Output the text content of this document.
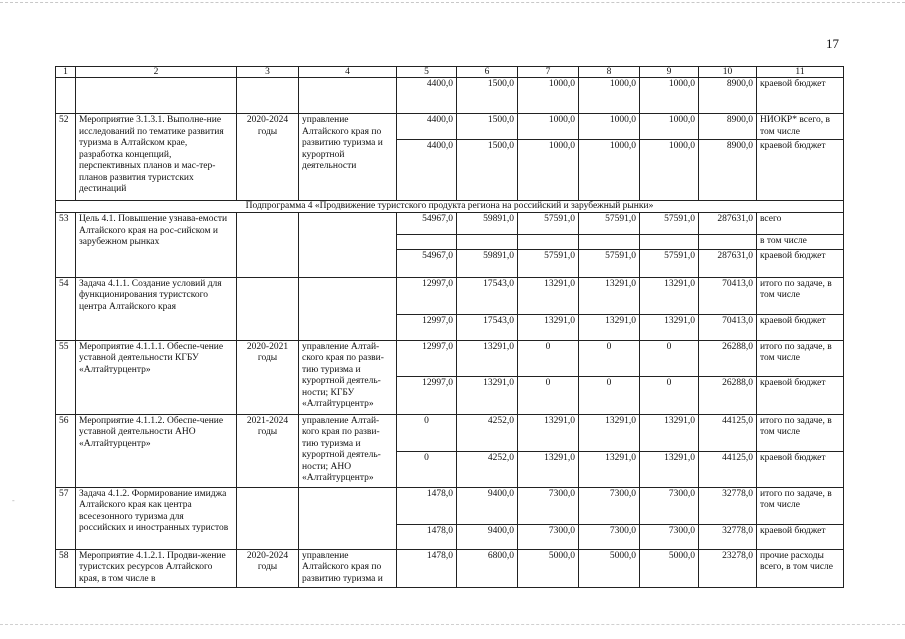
17
-
1	2	3	4	5	6	7	8	9	10	11
				4400,0	1500,0	1000,0	1000,0	1000,0	8900,0	краевой бюджет
52	Мероприятие 3.1.3.1. Выполне-ние исследований по тематике развития туризма в Алтайском крае, разработка концепций, перспективных планов и мас-тер-планов развития туристских дестинаций	2020-2024 годы	управление Алтайского края по развитию туризма и курортной деятельности	4400,0	1500,0	1000,0	1000,0	1000,0	8900,0	НИОКР* всего, в том числе
				4400,0	1500,0	1000,0	1000,0	1000,0	8900,0	краевой бюджет
Подпрограмма 4 «Продвижение туристского продукта региона на российский и зарубежный рынки»										
53	Цель 4.1. Повышение узнава-емости Алтайского края на рос-сийском и зарубежном рынках			54967,0	59891,0	57591,0	57591,0	57591,0	287631,0	всего
										в том числе
				54967,0	59891,0	57591,0	57591,0	57591,0	287631,0	краевой бюджет
54	Задача 4.1.1. Создание условий для функционирования туристского центра Алтайского края			12997,0	17543,0	13291,0	13291,0	13291,0	70413,0	итого по задаче, в том числе
				12997,0	17543,0	13291,0	13291,0	13291,0	70413,0	краевой бюджет
55	Мероприятие 4.1.1.1. Обеспе-чение уставной деятельности КГБУ «Алтайтурцентр»	2020-2021 годы	управление Алтай-ского края по разви-тию туризма и курортной деятель-ности; КГБУ «Алтайтурцентр»	12997,0	13291,0	0	0	0	26288,0	итого по задаче, в том числе
				12997,0	13291,0	0	0	0	26288,0	краевой бюджет
56	Мероприятие 4.1.1.2. Обеспе-чение уставной деятельности АНО «Алтайтурцентр»	2021-2024 годы	управление Алтай-кого края по разви-тию туризма и курортной деятель-ности; АНО «Алтайтурцентр»	0	4252,0	13291,0	13291,0	13291,0	44125,0	итого по задаче, в том числе
				0	4252,0	13291,0	13291,0	13291,0	44125,0	краевой бюджет
57	Задача 4.1.2. Формирование имиджа Алтайского края как центра всесезонного туризма для российских и иностранных туристов			1478,0	9400,0	7300,0	7300,0	7300,0	32778,0	итого по задаче, в том числе
				1478,0	9400,0	7300,0	7300,0	7300,0	32778,0	краевой бюджет
58	Мероприятие 4.1.2.1. Продви-жение туристских ресурсов Алтайского края, в том числе в	2020-2024 годы	управление Алтайского края по развитию туризма и	1478,0	6800,0	5000,0	5000,0	5000,0	23278,0	прочие расходы всего, в том числе
